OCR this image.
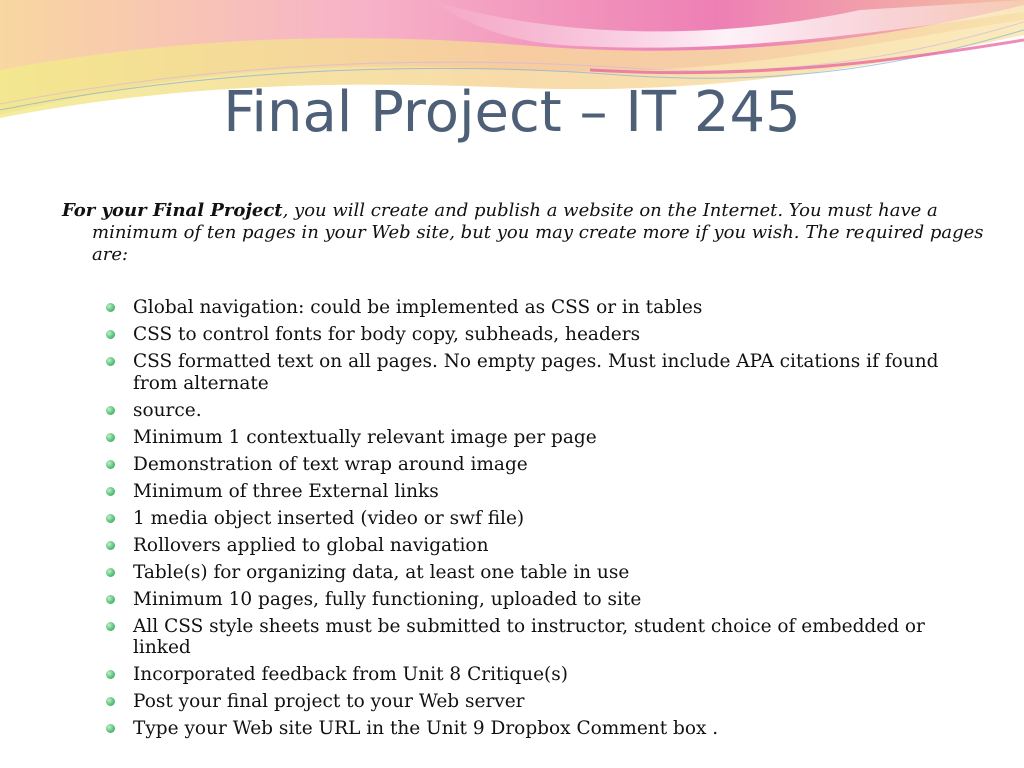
Final Project – IT 245
For your Final Project, you will create and publish a website on the Internet. You must have a minimum of ten pages in your Web site, but you may create more if you wish. The required pages are:
Global navigation: could be implemented as CSS or in tables
CSS to control fonts for body copy, subheads, headers
CSS formatted text on all pages. No empty pages. Must include APA citations if found from alternate
source.
Minimum 1 contextually relevant image per page
Demonstration of text wrap around image
Minimum of three External links
1 media object inserted (video or swf file)
Rollovers applied to global navigation
Table(s) for organizing data, at least one table in use
Minimum 10 pages, fully functioning, uploaded to site
All CSS style sheets must be submitted to instructor, student choice of embedded or linked
Incorporated feedback from Unit 8 Critique(s)
Post your final project to your Web server
Type your Web site URL in the Unit 9 Dropbox Comment box .
